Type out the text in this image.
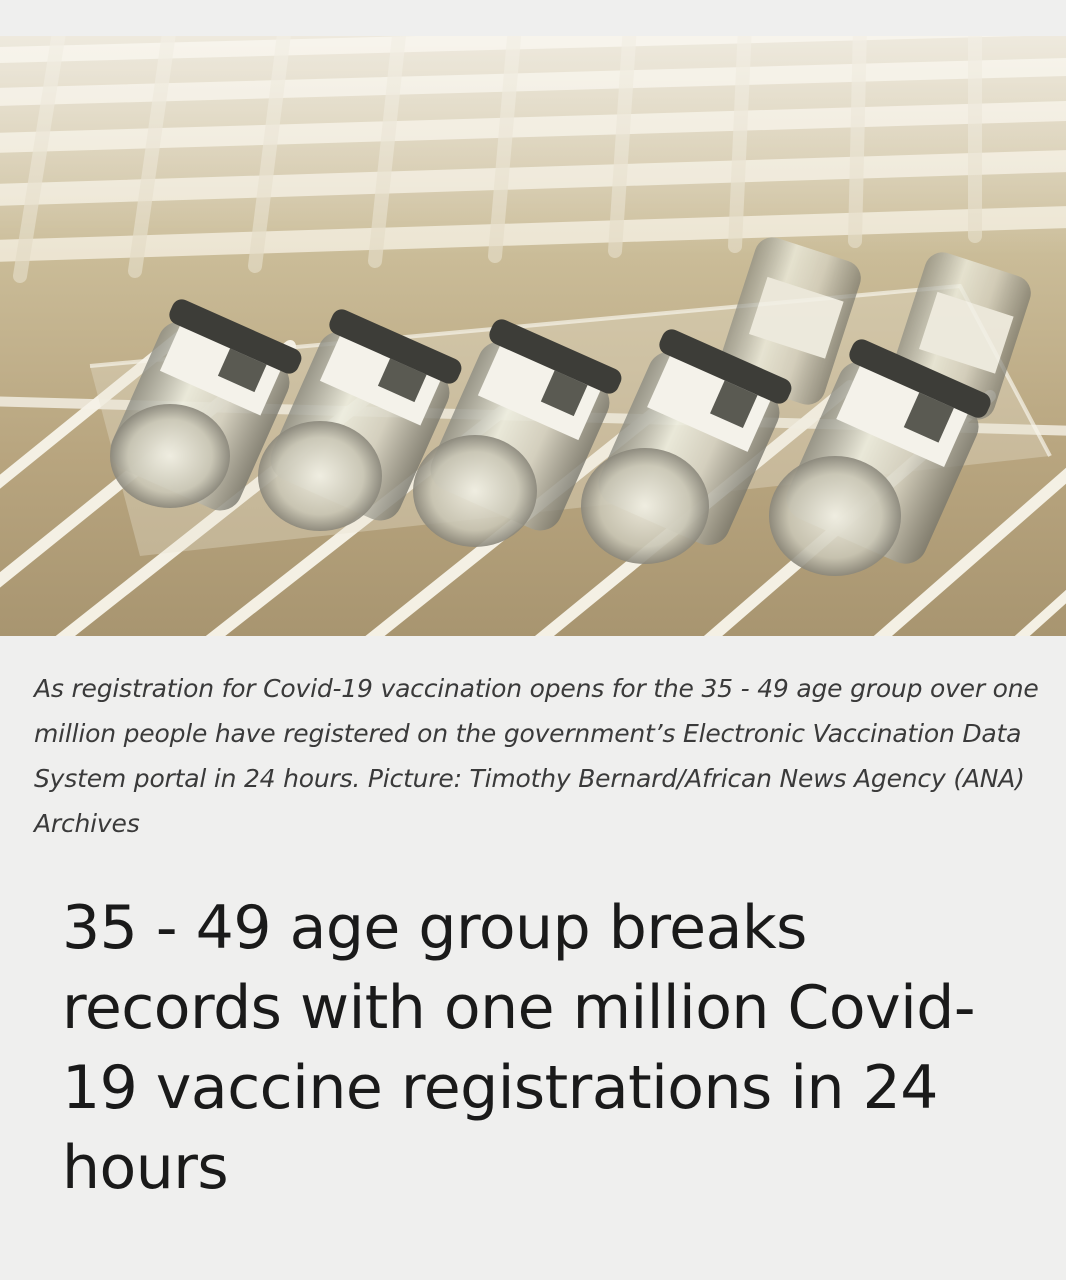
As registration for Covid-19 vaccination opens for the 35 - 49 age group over one million people have registered on the government’s Electronic Vaccination Data System portal in 24 hours. Picture: Timothy Bernard/African News Agency (ANA) Archives

35 - 49 age group breaks records with one million Covid-19 vaccine registrations in 24 hours
